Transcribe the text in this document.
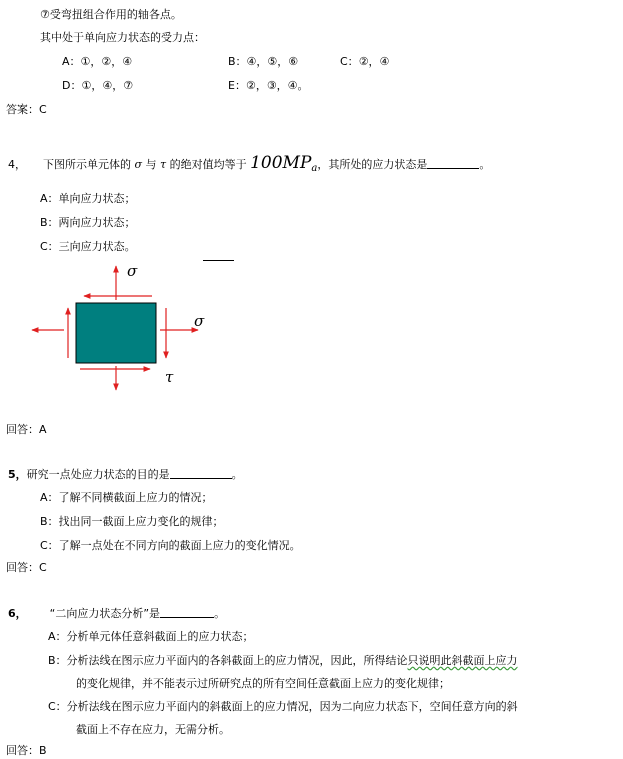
⑦受弯扭组合作用的轴各点。
其中处于单向应力状态的受力点：
A：①，②，④	B：④，⑤，⑥	C：②，④
D：①，④，⑦	E：②，③，④。
答案：C
4， 下图所示单元体的 σ 与 τ 的绝对值均等于 100MPa，其所处的应力状态是	。
A：单向应力状态；
B：两向应力状态；
C：三向应力状态。
σ
σ
τ
回答：A
5，研究一点处应力状态的目的是	。
A：了解不同横截面上应力的情况；
B：找出同一截面上应力变化的规律；
C：了解一点处在不同方向的截面上应力的变化情况。
回答：C
6， “二向应力状态分析”是	。
A：分析单元体任意斜截面上的应力状态；
B：分析法线在图示应力平面内的各斜截面上的应力情况，因此，所得结论只说明此斜截面上应力
的变化规律，并不能表示过所研究点的所有空间任意截面上应力的变化规律；
C：分析法线在图示应力平面内的斜截面上的应力情况，因为二向应力状态下，空间任意方向的斜
截面上不存在应力，无需分析。
回答：B
